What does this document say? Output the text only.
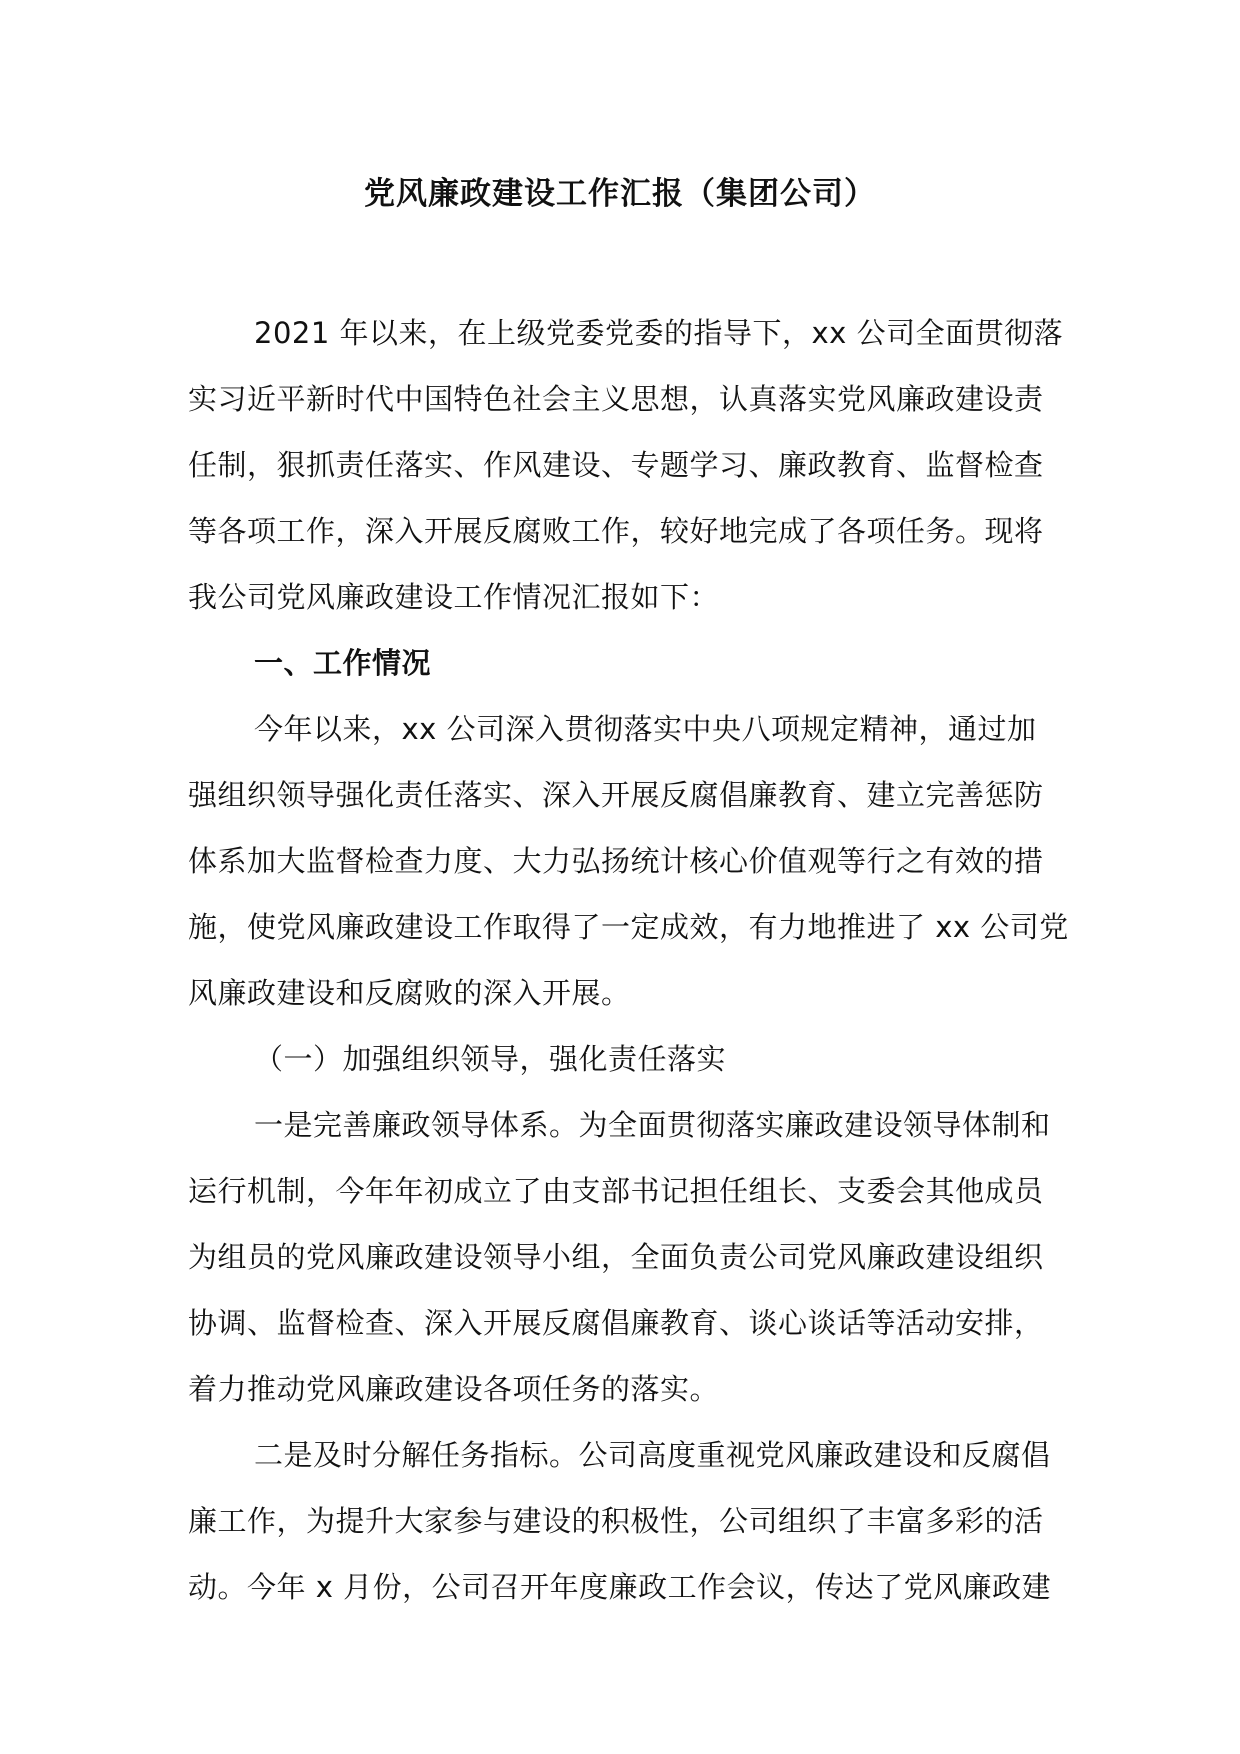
党风廉政建设工作汇报（集团公司）
2021 年以来，在上级党委党委的指导下，xx 公司全面贯彻落
实习近平新时代中国特色社会主义思想，认真落实党风廉政建设责
任制，狠抓责任落实、作风建设、专题学习、廉政教育、监督检查
等各项工作，深入开展反腐败工作，较好地完成了各项任务。现将
我公司党风廉政建设工作情况汇报如下：
一、工作情况
今年以来，xx 公司深入贯彻落实中央八项规定精神，通过加
强组织领导强化责任落实、深入开展反腐倡廉教育、建立完善惩防
体系加大监督检查力度、大力弘扬统计核心价值观等行之有效的措
施，使党风廉政建设工作取得了一定成效，有力地推进了 xx 公司党
风廉政建设和反腐败的深入开展。
（一）加强组织领导，强化责任落实
一是完善廉政领导体系。为全面贯彻落实廉政建设领导体制和
运行机制，今年年初成立了由支部书记担任组长、支委会其他成员
为组员的党风廉政建设领导小组，全面负责公司党风廉政建设组织
协调、监督检查、深入开展反腐倡廉教育、谈心谈话等活动安排，
着力推动党风廉政建设各项任务的落实。
二是及时分解任务指标。公司高度重视党风廉政建设和反腐倡
廉工作，为提升大家参与建设的积极性，公司组织了丰富多彩的活
动。今年 x 月份，公司召开年度廉政工作会议，传达了党风廉政建
